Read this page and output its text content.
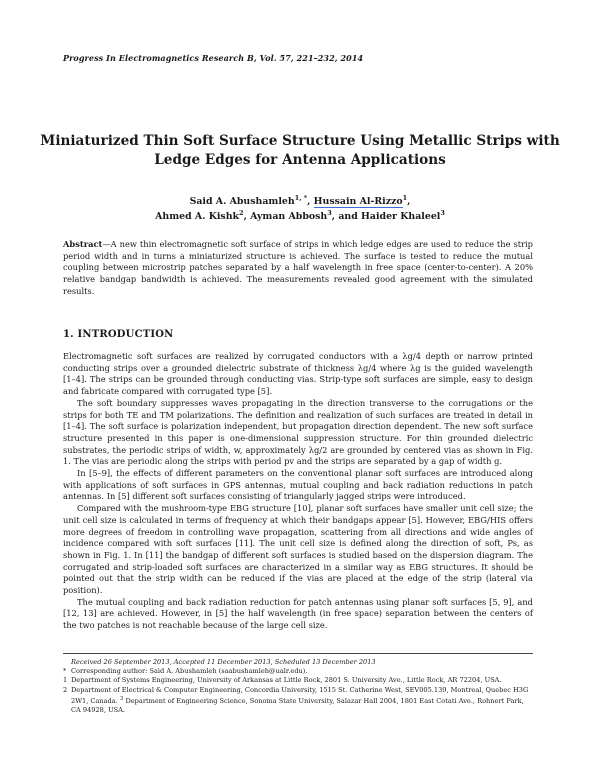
Progress In Electromagnetics Research B, Vol. 57, 221–232, 2014
Miniaturized Thin Soft Surface Structure Using Metallic Strips with
Ledge Edges for Antenna Applications
Said A. Abushamleh$^{1, *}$, Hussain Al-Rizzo$^1$,
Ahmed A. Kishk$^2$, Ayman Abbosh$^3$, and Haider Khaleel$^3$
Abstract—A new thin electromagnetic soft surface of strips in which ledge edges are used to reduce the strip period width and in turns a miniaturized structure is achieved. The surface is tested to reduce the mutual coupling between microstrip patches separated by a half wavelength in free space (center-to-center). A 20% relative bandgap bandwidth is achieved. The measurements revealed good agreement with the simulated results.
1. INTRODUCTION

Electromagnetic soft surfaces are realized by corrugated conductors with a λg/4 depth or narrow printed conducting strips over a grounded dielectric substrate of thickness λg/4 where λg is the guided wavelength [1–4]. The strips can be grounded through conducting vias. Strip-type soft surfaces are simple, easy to design and fabricate compared with corrugated type [5].

The soft boundary suppresses waves propagating in the direction transverse to the corrugations or the strips for both TE and TM polarizations. The definition and realization of such surfaces are treated in detail in [1–4]. The soft surface is polarization independent, but propagation direction dependent. The new soft surface structure presented in this paper is one-dimensional suppression structure. For thin grounded dielectric substrates, the periodic strips of width, w, approximately λg/2 are grounded by centered vias as shown in Fig. 1. The vias are periodic along the strips with period pv and the strips are separated by a gap of width g.

In [5–9], the effects of different parameters on the conventional planar soft surfaces are introduced along with applications of soft surfaces in GPS antennas, mutual coupling and back radiation reductions in patch antennas. In [5] different soft surfaces consisting of triangularly jagged strips were introduced.

Compared with the mushroom-type EBG structure [10], planar soft surfaces have smaller unit cell size; the unit cell size is calculated in terms of frequency at which their bandgaps appear [5]. However, EBG/HIS offers more degrees of freedom in controlling wave propagation, scattering from all directions and wide angles of incidence compared with soft surfaces [11]. The unit cell size is defined along the direction of soft, Ps, as shown in Fig. 1. In [11] the bandgap of different soft surfaces is studied based on the dispersion diagram. The corrugated and strip-loaded soft surfaces are characterized in a similar way as EBG structures. It should be pointed out that the strip width can be reduced if the vias are placed at the edge of the strip (lateral via position).

The mutual coupling and back radiation reduction for patch antennas using planar soft surfaces [5, 9], and [12, 13] are achieved. However, in [5] the half wavelength (in free space) separation between the centers of the two patches is not reachable because of the large cell size.

Received 26 September 2013, Accepted 11 December 2013, Scheduled 13 December 2013
* Corresponding author: Said A. Abushamleh (saabushamleh@ualr.edu).
1 Department of Systems Engineering, University of Arkansas at Little Rock, 2801 S. University Ave., Little Rock, AR 72204, USA.
2 Department of Electrical & Computer Engineering, Concordia University, 1515 St. Catherine West, SEV005.139, Montreal, Quebec H3G 2W1, Canada. $^3$ Department of Engineering Science, Sonoma State University, Salazar Hall 2004, 1801 East Cotati Ave., Rohnert Park, CA 94928, USA.
